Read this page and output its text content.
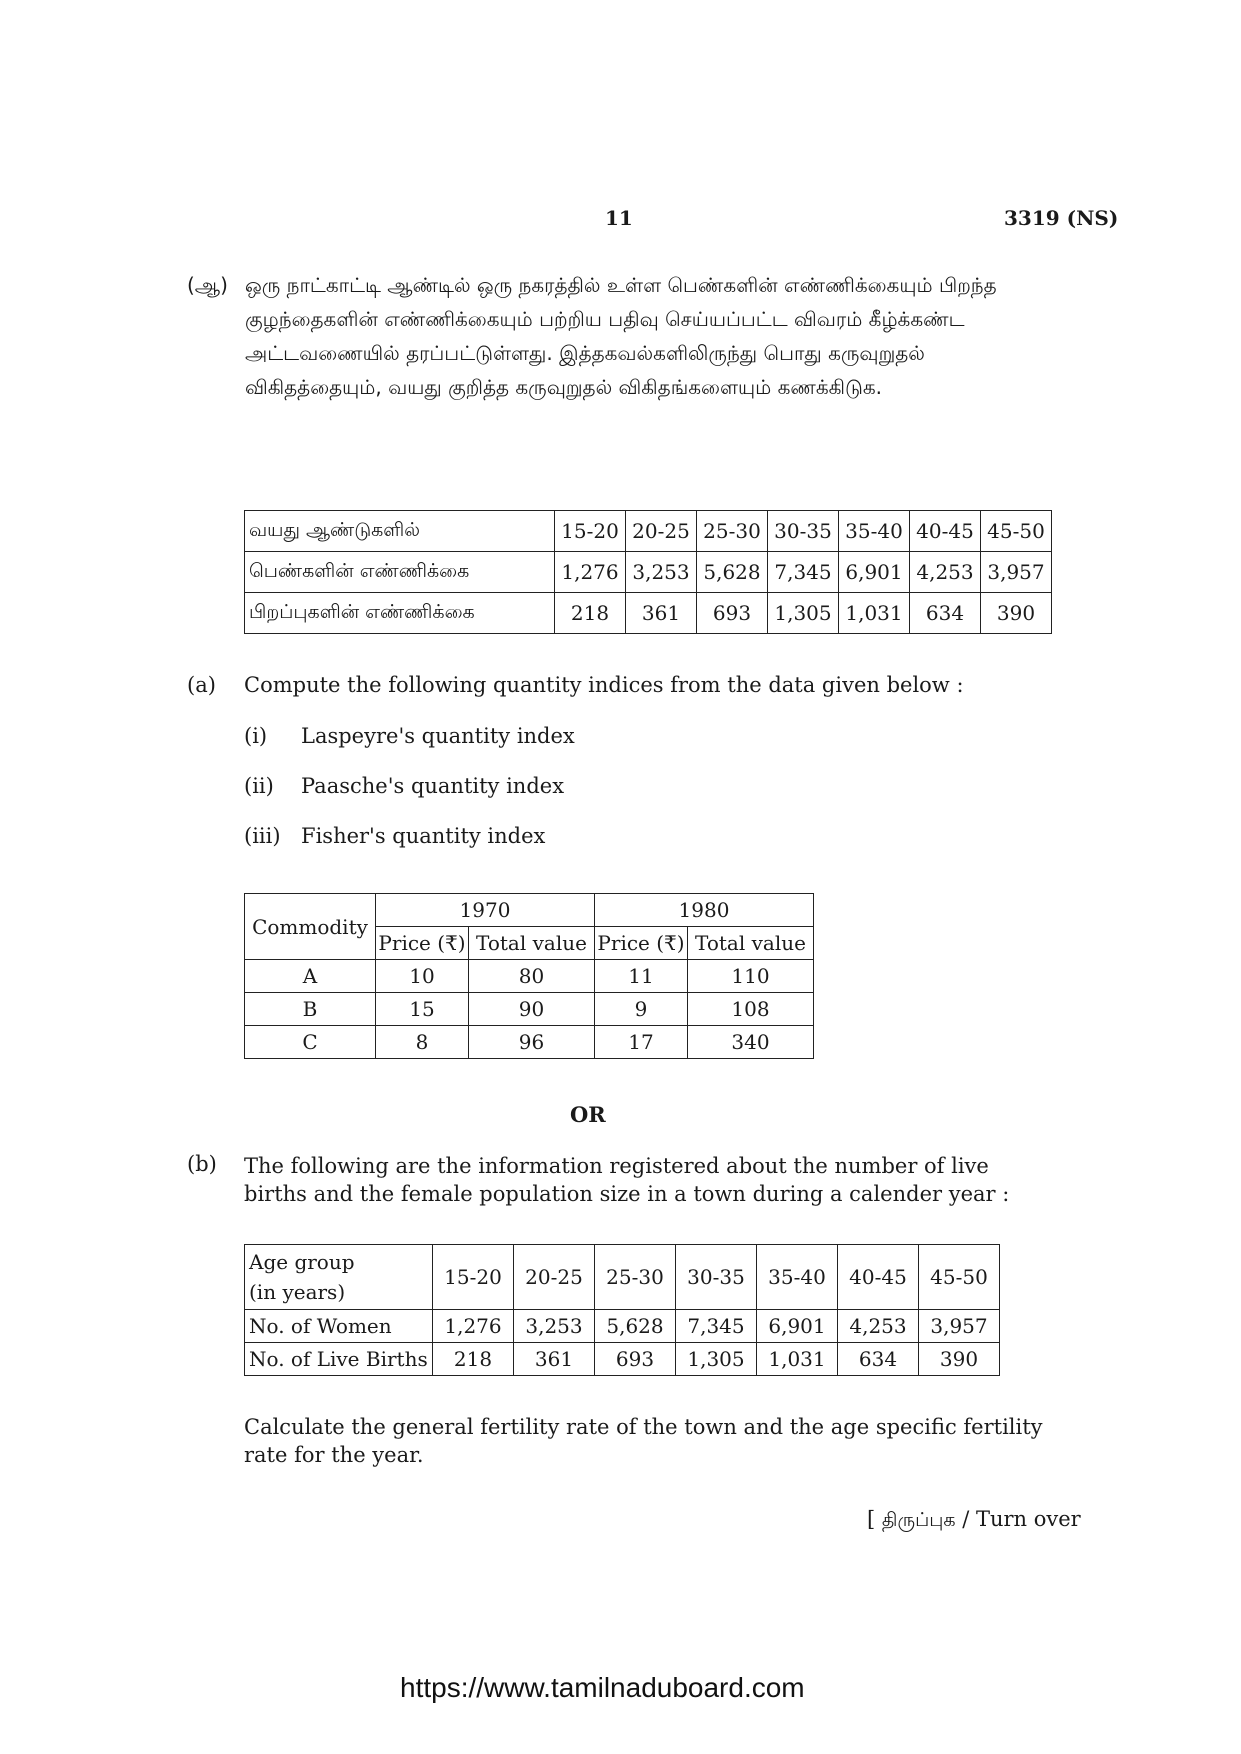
11	3319 (NS)
(ஆ) ஒரு நாட்காட்டி ஆண்டில் ஒரு நகரத்தில் உள்ள பெண்களின் எண்ணிக்கையும் பிறந்த குழந்தைகளின் எண்ணிக்கையும் பற்றிய பதிவு செய்யப்பட்ட விவரம் கீழ்க்கண்ட அட்டவணையில் தரப்பட்டுள்ளது. இத்தகவல்களிலிருந்து பொது கருவுறுதல் விகிதத்தையும், வயது குறித்த கருவுறுதல் விகிதங்களையும் கணக்கிடுக.
வயது ஆண்டுகளில்	15-20	20-25	25-30	30-35	35-40	40-45	45-50
பெண்களின் எண்ணிக்கை	1,276	3,253	5,628	7,345	6,901	4,253	3,957
பிறப்புகளின் எண்ணிக்கை	218	361	693	1,305	1,031	634	390
(a) Compute the following quantity indices from the data given below :
(i) Laspeyre's quantity index
(ii) Paasche's quantity index
(iii) Fisher's quantity index
Commodity	1970		1980	
	Price (₹)	Total value	Price (₹)	Total value
A	10	80	11	110
B	15	90	9	108
C	8	96	17	340
OR
(b) The following are the information registered about the number of live births and the female population size in a town during a calender year :
Age group
(in years)	15-20	20-25	25-30	30-35	35-40	40-45	45-50
No. of Women	1,276	3,253	5,628	7,345	6,901	4,253	3,957
No. of Live Births	218	361	693	1,305	1,031	634	390
Calculate the general fertility rate of the town and the age specific fertility rate for the year.
[ திருப்புக / Turn over
https://www.tamilnaduboard.com
